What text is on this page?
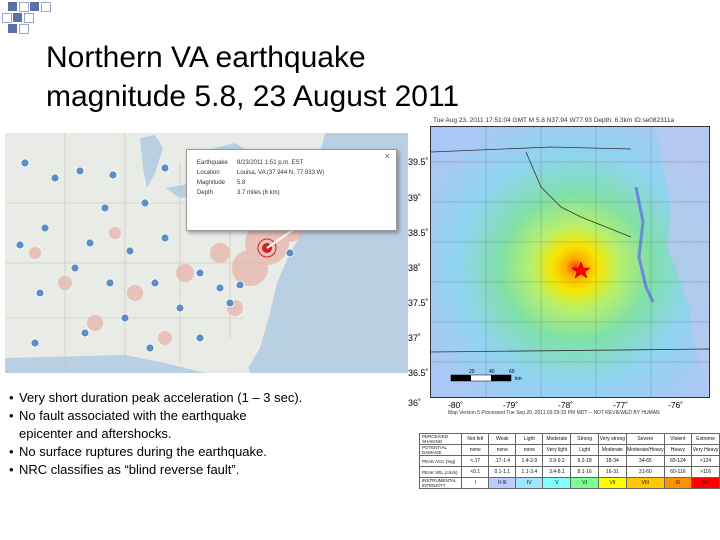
Northern VA earthquake
magnitude 5.8, 23 August 2011
×
Earthquake	8/23/2011 1:51 p.m. EST
Location	Louisa, VA (37.944 N, 77.933 W)
Magnitude	5.8
Depth	3.7 miles (6 km)
• Very short duration peak acceleration (1 – 3 sec).
• No fault associated with the earthquake
epicenter and aftershocks.
• No surface ruptures during the earthquake.
• NRC classifies as “blind reverse fault”.
Tue Aug 23, 2011 17:51:04 GMT M 5.8 N37.94 W77.93 Depth: 6.3km ID:se082311a
20	40	60
km
39.5˚
39˚
38.5˚
38˚
37.5˚
37˚
36.5˚
36˚	-80˚	-79˚	-78˚	-77˚	-76˚
Map Version 5 Processed Tue Sep 20, 2011 03:29:33 PM MDT -- NOT REVIEWED BY HUMAN
PERCEIVED SHAKING	Not felt	Weak	Light	Moderate	Strong	Very strong	Severe	Violent	Extreme
POTENTIAL DAMAGE	none	none	none	Very light	Light	Moderate	Moderate/Heavy	Heavy	Very Heavy
PEAK ACC.(%g)	<.17	.17-1.4	1.4-3.9	3.9-9.2	9.2-18	18-34	34-65	65-124	>124
PEAK VEL.(cm/s)	<0.1	0.1-1.1	1.1-3.4	3.4-8.1	8.1-16	16-31	31-60	60-116	>116
INSTRUMENTAL INTENSITY	I	II-III	IV	V	VI	VII	VIII	IX	X+
